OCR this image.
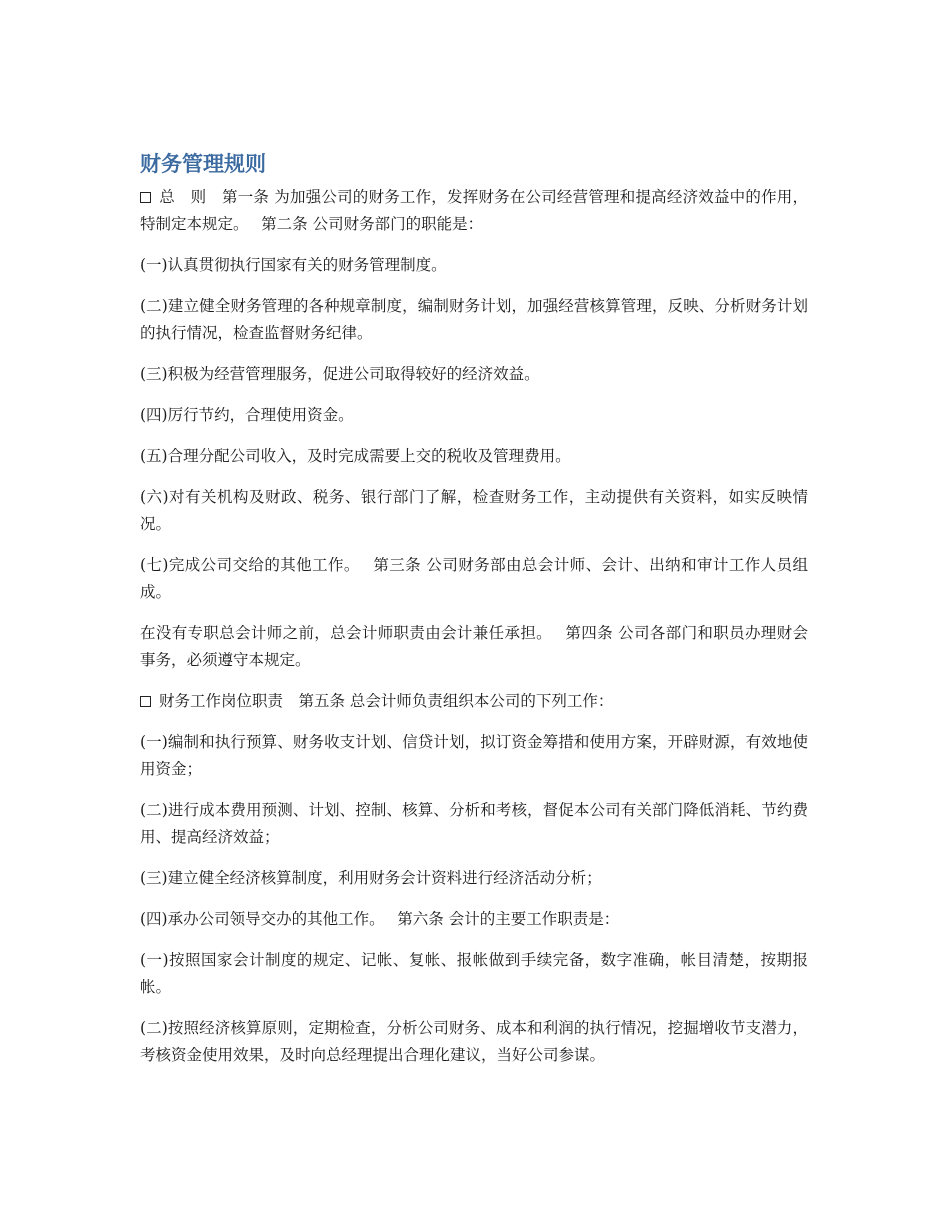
财务管理规则

总　则　第一条 为加强公司的财务工作，发挥财务在公司经营管理和提高经济效益中的作用，特制定本规定。　 第二条 公司财务部门的职能是：

(一)认真贯彻执行国家有关的财务管理制度。

(二)建立健全财务管理的各种规章制度，编制财务计划，加强经营核算管理，反映、分析财务计划的执行情况，检查监督财务纪律。

(三)积极为经营管理服务，促进公司取得较好的经济效益。

(四)厉行节约，合理使用资金。

(五)合理分配公司收入，及时完成需要上交的税收及管理费用。

(六)对有关机构及财政、税务、银行部门了解，检查财务工作，主动提供有关资料，如实反映情况。

(七)完成公司交给的其他工作。　 第三条 公司财务部由总会计师、会计、出纳和审计工作人员组成。

在没有专职总会计师之前，总会计师职责由会计兼任承担。　 第四条 公司各部门和职员办理财会事务，必须遵守本规定。

财务工作岗位职责　第五条 总会计师负责组织本公司的下列工作：

(一)编制和执行预算、财务收支计划、信贷计划，拟订资金筹措和使用方案，开辟财源，有效地使用资金；

(二)进行成本费用预测、计划、控制、核算、分析和考核，督促本公司有关部门降低消耗、节约费用、提高经济效益；

(三)建立健全经济核算制度，利用财务会计资料进行经济活动分析；

(四)承办公司领导交办的其他工作。　 第六条 会计的主要工作职责是：

(一)按照国家会计制度的规定、记帐、复帐、报帐做到手续完备，数字准确，帐目清楚，按期报帐。

(二)按照经济核算原则，定期检查，分析公司财务、成本和利润的执行情况，挖掘增收节支潜力，考核资金使用效果，及时向总经理提出合理化建议，当好公司参谋。
